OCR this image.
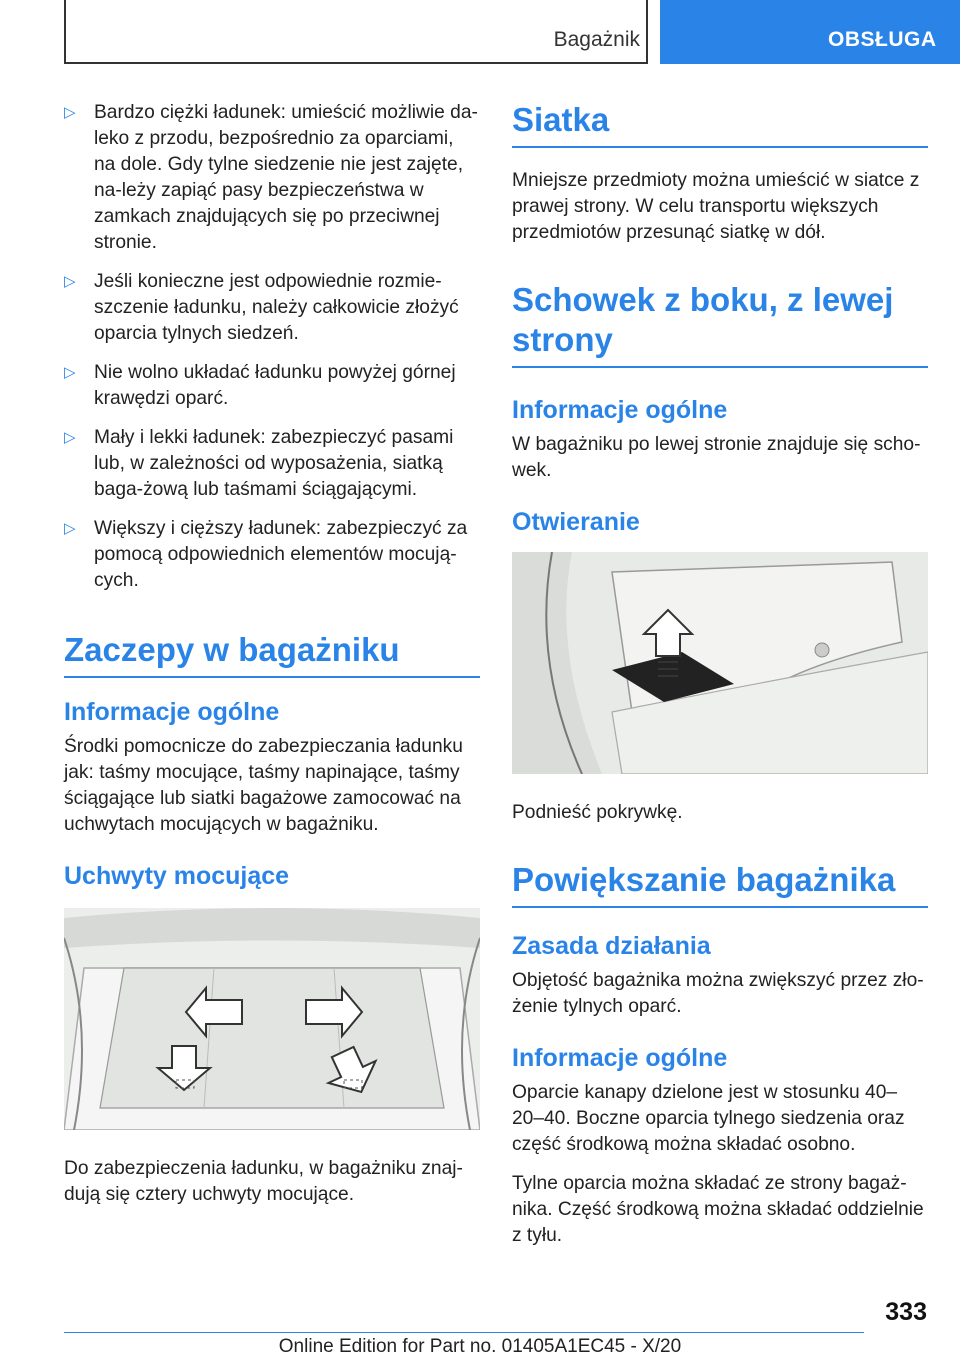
Bagażnik	OBSŁUGA
▷ Bardzo ciężki ładunek: umieścić możliwie da-leko z przodu, bezpośrednio za oparciami, na dole. Gdy tylne siedzenie nie jest zajęte, na-leży zapiąć pasy bezpieczeństwa w zamkach znajdujących się po przeciwnej stronie.
▷ Jeśli konieczne jest odpowiednie rozmie-szczenie ładunku, należy całkowicie złożyć oparcia tylnych siedzeń.
▷ Nie wolno układać ładunku powyżej górnej krawędzi oparć.
▷ Mały i lekki ładunek: zabezpieczyć pasami lub, w zależności od wyposażenia, siatką baga-żową lub taśmami ściągającymi.
▷ Większy i cięższy ładunek: zabezpieczyć za pomocą odpowiednich elementów mocują-cych.
Zaczepy w bagażniku
Informacje ogólne
Środki pomocnicze do zabezpieczania ładunku jak: taśmy mocujące, taśmy napinające, taśmy ściągające lub siatki bagażowe zamocować na uchwytach mocujących w bagażniku.
Uchwyty mocujące
Do zabezpieczenia ładunku, w bagażniku znaj-dują się cztery uchwyty mocujące.
Siatka
Mniejsze przedmioty można umieścić w siatce z prawej strony. W celu transportu większych przedmiotów przesunąć siatkę w dół.
Schowek z boku, z lewej strony
Informacje ogólne
W bagażniku po lewej stronie znajduje się scho-wek.
Otwieranie
Podnieść pokrywkę.
Powiększanie bagażnika
Zasada działania
Objętość bagażnika można zwiększyć przez zło-żenie tylnych oparć.
Informacje ogólne
Oparcie kanapy dzielone jest w stosunku 40–20–40. Boczne oparcia tylnego siedzenia oraz część środkową można składać osobno.
Tylne oparcia można składać ze strony bagaż-nika. Część środkową można składać oddzielnie z tyłu.
333
Online Edition for Part no. 01405A1EC45 - X/20
